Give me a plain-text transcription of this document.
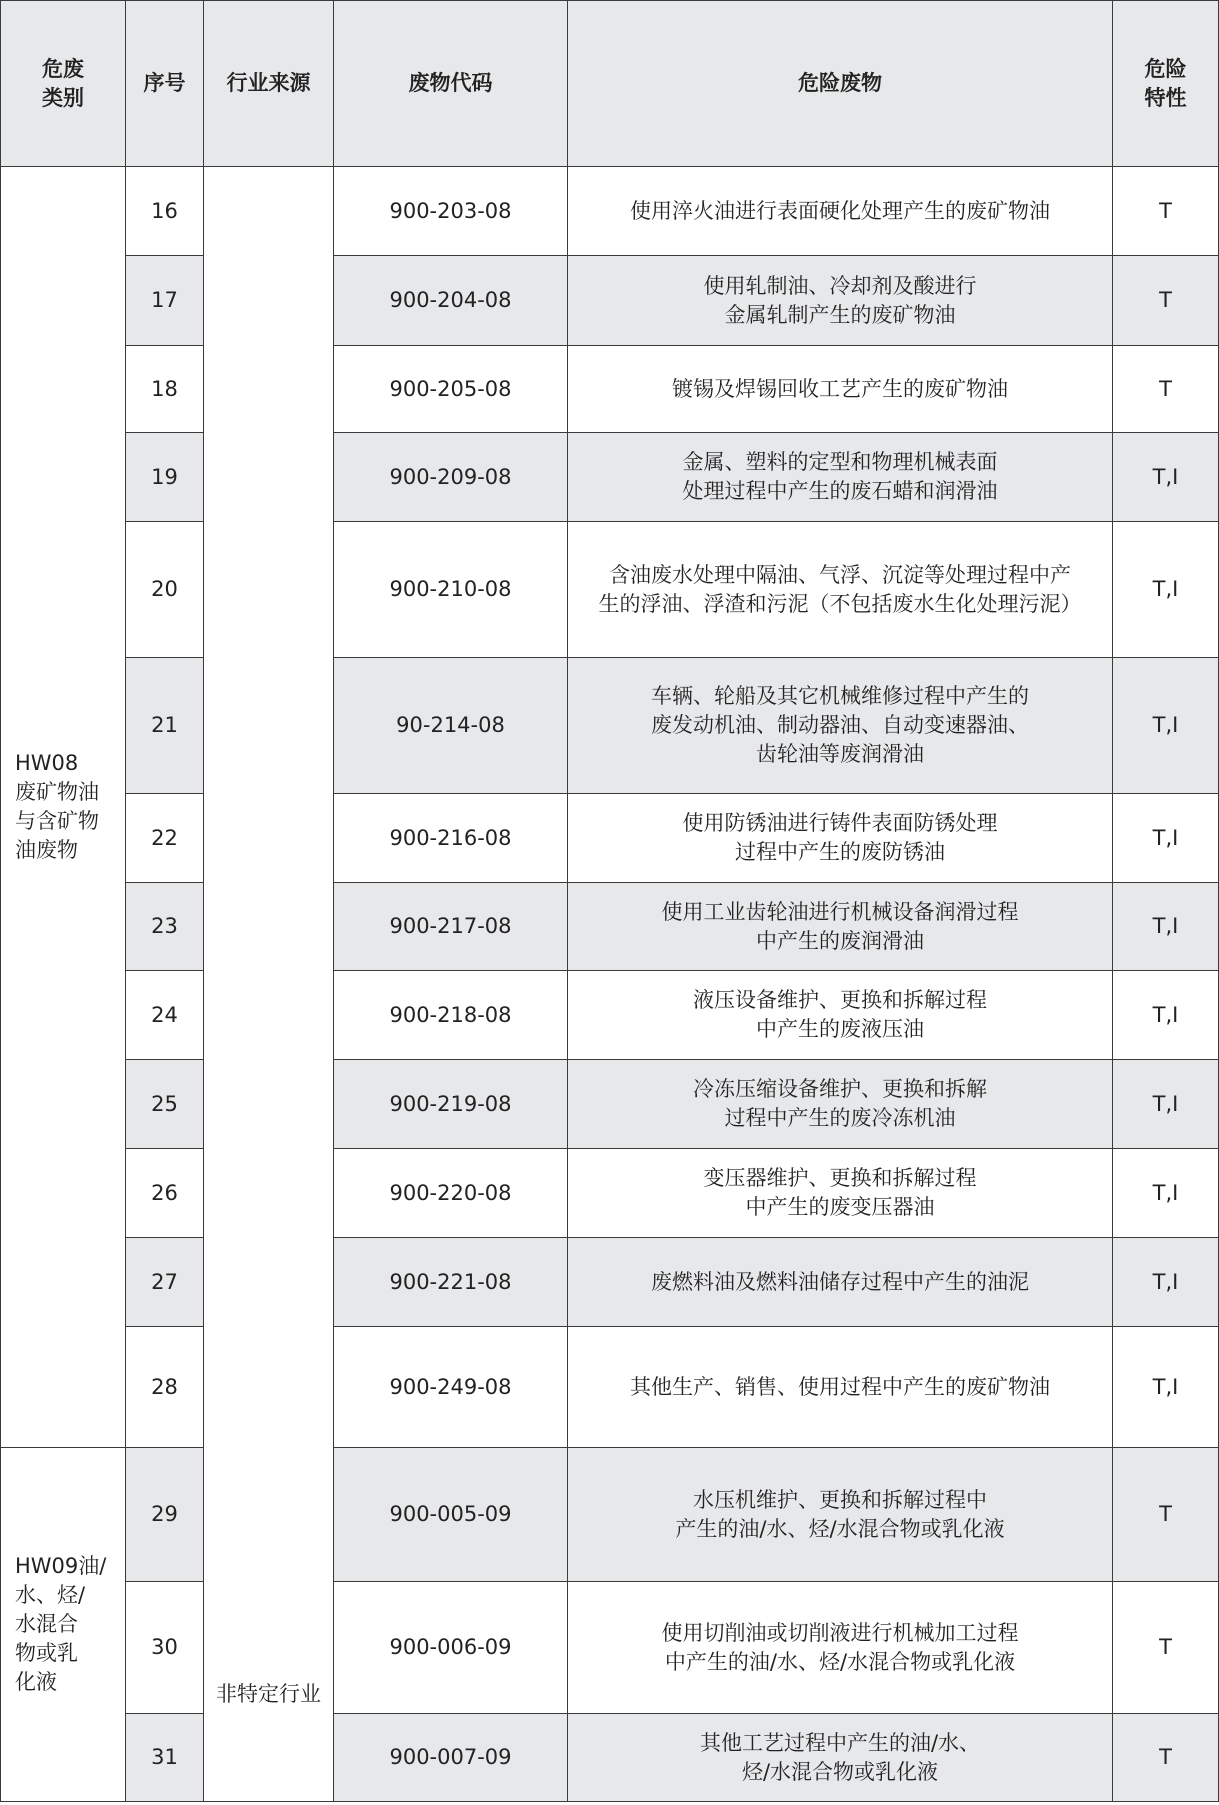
危废
类别	序号	行业来源	废物代码	危险废物	危险
特性

HW08
废矿物油
与含矿物
油废物	16	非特定行业	900-203-08	使用淬火油进行表面硬化处理产生的废矿物油	T
	17		900-204-08	使用轧制油、冷却剂及酸进行
金属轧制产生的废矿物油	T
	18		900-205-08	镀锡及焊锡回收工艺产生的废矿物油	T
	19		900-209-08	金属、塑料的定型和物理机械表面
处理过程中产生的废石蜡和润滑油	T,I
	20		900-210-08	含油废水处理中隔油、气浮、沉淀等处理过程中产
生的浮油、浮渣和污泥（不包括废水生化处理污泥）	T,I
	21		90-214-08	车辆、轮船及其它机械维修过程中产生的
废发动机油、制动器油、自动变速器油、
齿轮油等废润滑油	T,I
	22		900-216-08	使用防锈油进行铸件表面防锈处理
过程中产生的废防锈油	T,I
	23		900-217-08	使用工业齿轮油进行机械设备润滑过程
中产生的废润滑油	T,I
	24		900-218-08	液压设备维护、更换和拆解过程
中产生的废液压油	T,I
	25		900-219-08	冷冻压缩设备维护、更换和拆解
过程中产生的废冷冻机油	T,I
	26		900-220-08	变压器维护、更换和拆解过程
中产生的废变压器油	T,I
	27		900-221-08	废燃料油及燃料油储存过程中产生的油泥	T,I
	28		900-249-08	其他生产、销售、使用过程中产生的废矿物油	T,I

HW09油/
水、烃/
水混合
物或乳
化液	29		900-005-09	水压机维护、更换和拆解过程中
产生的油/水、烃/水混合物或乳化液	T
	30		900-006-09	使用切削油或切削液进行机械加工过程
中产生的油/水、烃/水混合物或乳化液	T
	31		900-007-09	其他工艺过程中产生的油/水、
烃/水混合物或乳化液	T
